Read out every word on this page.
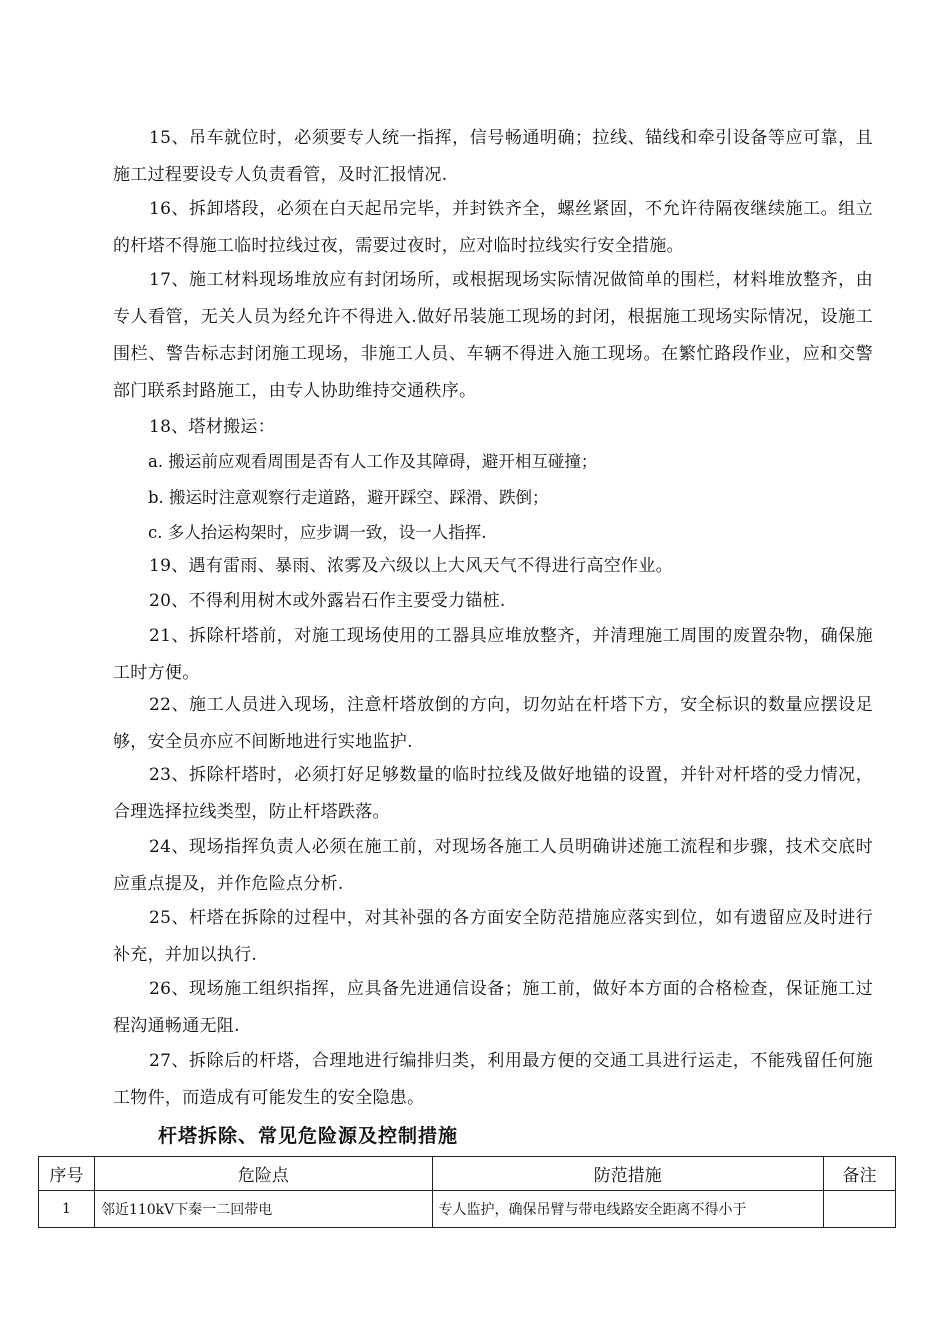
15、吊车就位时，必须要专人统一指挥，信号畅通明确；拉线、锚线和牵引设备等应可靠，且施工过程要设专人负责看管，及时汇报情况.

16、拆卸塔段，必须在白天起吊完毕，并封铁齐全，螺丝紧固，不允许待隔夜继续施工。组立的杆塔不得施工临时拉线过夜，需要过夜时，应对临时拉线实行安全措施。

17、施工材料现场堆放应有封闭场所，或根据现场实际情况做简单的围栏，材料堆放整齐，由专人看管，无关人员为经允许不得进入.做好吊装施工现场的封闭，根据施工现场实际情况，设施工围栏、警告标志封闭施工现场，非施工人员、车辆不得进入施工现场。在繁忙路段作业，应和交警部门联系封路施工，由专人协助维持交通秩序。

18、塔材搬运：

a. 搬运前应观看周围是否有人工作及其障碍，避开相互碰撞；
b. 搬运时注意观察行走道路，避开踩空、踩滑、跌倒；
c. 多人抬运构架时，应步调一致，设一人指挥.

19、遇有雷雨、暴雨、浓雾及六级以上大风天气不得进行高空作业。

20、不得利用树木或外露岩石作主要受力锚桩.

21、拆除杆塔前，对施工现场使用的工器具应堆放整齐，并清理施工周围的废置杂物，确保施工时方便。

22、施工人员进入现场，注意杆塔放倒的方向，切勿站在杆塔下方，安全标识的数量应摆设足够，安全员亦应不间断地进行实地监护.

23、拆除杆塔时，必须打好足够数量的临时拉线及做好地锚的设置，并针对杆塔的受力情况，合理选择拉线类型，防止杆塔跌落。

24、现场指挥负责人必须在施工前，对现场各施工人员明确讲述施工流程和步骤，技术交底时应重点提及，并作危险点分析.

25、杆塔在拆除的过程中，对其补强的各方面安全防范措施应落实到位，如有遗留应及时进行补充，并加以执行.

26、现场施工组织指挥，应具备先进通信设备；施工前，做好本方面的合格检查，保证施工过程沟通畅通无阻.

27、拆除后的杆塔，合理地进行编排归类，利用最方便的交通工具进行运走，不能残留任何施工物件，而造成有可能发生的安全隐患。

杆塔拆除、常见危险源及控制措施
序号	危险点	防范措施	备注
1	邻近110kV下秦一二回带电	专人监护，确保吊臂与带电线路安全距离不得小于	
